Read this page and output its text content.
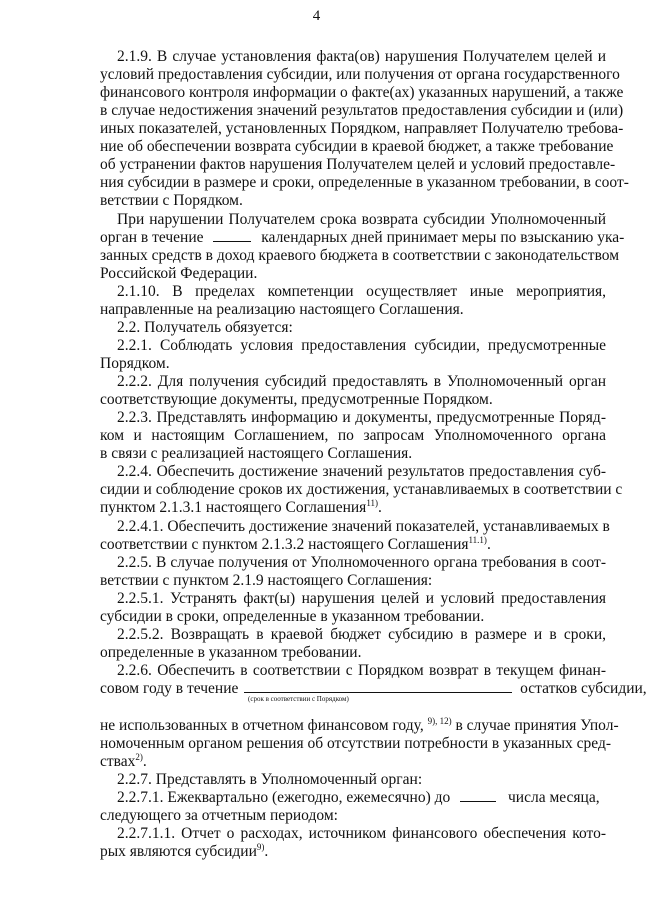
4
2.1.9. В случае установления факта(ов) нарушения Получателем целей и
условий предоставления субсидии, или получения от органа государственного
финансового контроля информации о факте(ах) указанных нарушений, а также
в случае недостижения значений результатов предоставления субсидии и (или)
иных показателей, установленных Порядком, направляет Получателю требова-
ние об обеспечении возврата субсидии в краевой бюджет, а также требование
об устранении фактов нарушения Получателем целей и условий предоставле-
ния субсидии в размере и сроки, определенные в указанном требовании, в соот-
ветствии с Порядком.
При нарушении Получателем срока возврата субсидии Уполномоченный
орган в течение	календарных дней принимает меры по взысканию ука-
занных средств в доход краевого бюджета в соответствии с законодательством
Российской Федерации.
2.1.10. В пределах компетенции осуществляет иные мероприятия,
направленные на реализацию настоящего Соглашения.
2.2. Получатель обязуется:
2.2.1. Соблюдать условия предоставления субсидии, предусмотренные
Порядком.
2.2.2. Для получения субсидий предоставлять в Уполномоченный орган
соответствующие документы, предусмотренные Порядком.
2.2.3. Представлять информацию и документы, предусмотренные Поряд-
ком и настоящим Соглашением, по запросам Уполномоченного органа
в связи с реализацией настоящего Соглашения.
2.2.4. Обеспечить достижение значений результатов предоставления суб-
сидии и соблюдение сроков их достижения, устанавливаемых в соответствии с
пунктом 2.1.3.1 настоящего Соглашения$^{11)}$.
2.2.4.1. Обеспечить достижение значений показателей, устанавливаемых в
соответствии с пунктом 2.1.3.2 настоящего Соглашения$^{11.1)}$.
2.2.5. В случае получения от Уполномоченного органа требования в соот-
ветствии с пунктом 2.1.9 настоящего Соглашения:
2.2.5.1. Устранять факт(ы) нарушения целей и условий предоставления
субсидии в сроки, определенные в указанном требовании.
2.2.5.2. Возвращать в краевой бюджет субсидию в размере и в сроки,
определенные в указанном требовании.
2.2.6. Обеспечить в соответствии с Порядком возврат в текущем финан-
совом году в течение	остатков субсидии,
(срок в соответствии с Порядком)
не использованных в отчетном финансовом году, $^{9), 12)}$ в случае принятия Упол-
номоченным органом решения об отсутствии потребности в указанных сред-
ствах$^{2)}$.
2.2.7. Представлять в Уполномоченный орган:
2.2.7.1. Ежеквартально (ежегодно, ежемесячно) до	числа месяца,
следующего за отчетным периодом:
2.2.7.1.1. Отчет о расходах, источником финансового обеспечения кото-
рых являются субсидии$^{9)}$.
